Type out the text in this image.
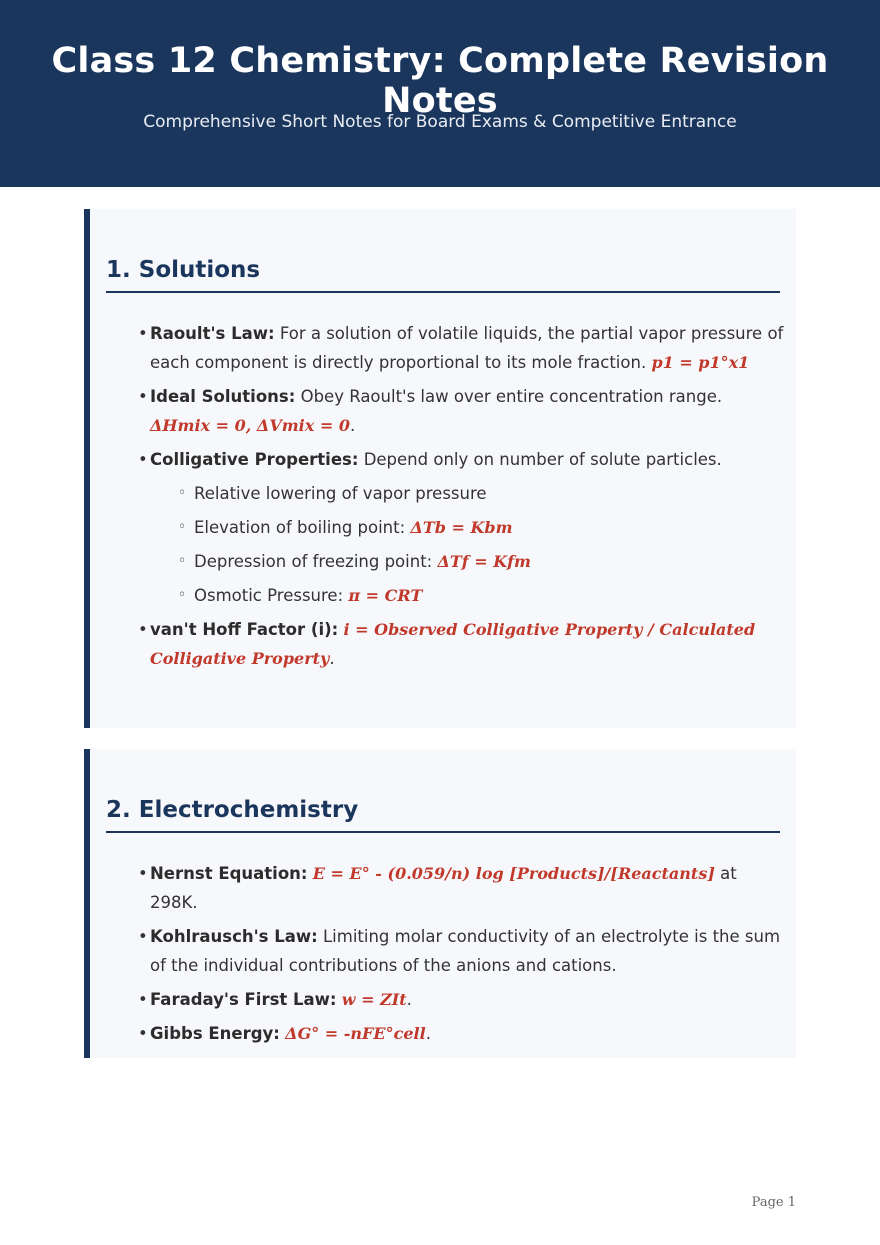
Class 12 Chemistry: Complete Revision Notes
Comprehensive Short Notes for Board Exams & Competitive Entrance
1. Solutions
• Raoult's Law: For a solution of volatile liquids, the partial vapor pressure of each component is directly proportional to its mole fraction. p1 = p1°x1
• Ideal Solutions: Obey Raoult's law over entire concentration range. ΔHmix = 0, ΔVmix = 0.
• Colligative Properties: Depend only on number of solute particles.
◦ Relative lowering of vapor pressure
◦ Elevation of boiling point: ΔTb = Kbm
◦ Depression of freezing point: ΔTf = Kfm
◦ Osmotic Pressure: π = CRT
• van't Hoff Factor (i): i = Observed Colligative Property / Calculated Colligative Property.
2. Electrochemistry
• Nernst Equation: E = E° - (0.059/n) log [Products]/[Reactants] at 298K.
• Kohlrausch's Law: Limiting molar conductivity of an electrolyte is the sum of the individual contributions of the anions and cations.
• Faraday's First Law: w = ZIt.
• Gibbs Energy: ΔG° = -nFE°cell.
Page 1
